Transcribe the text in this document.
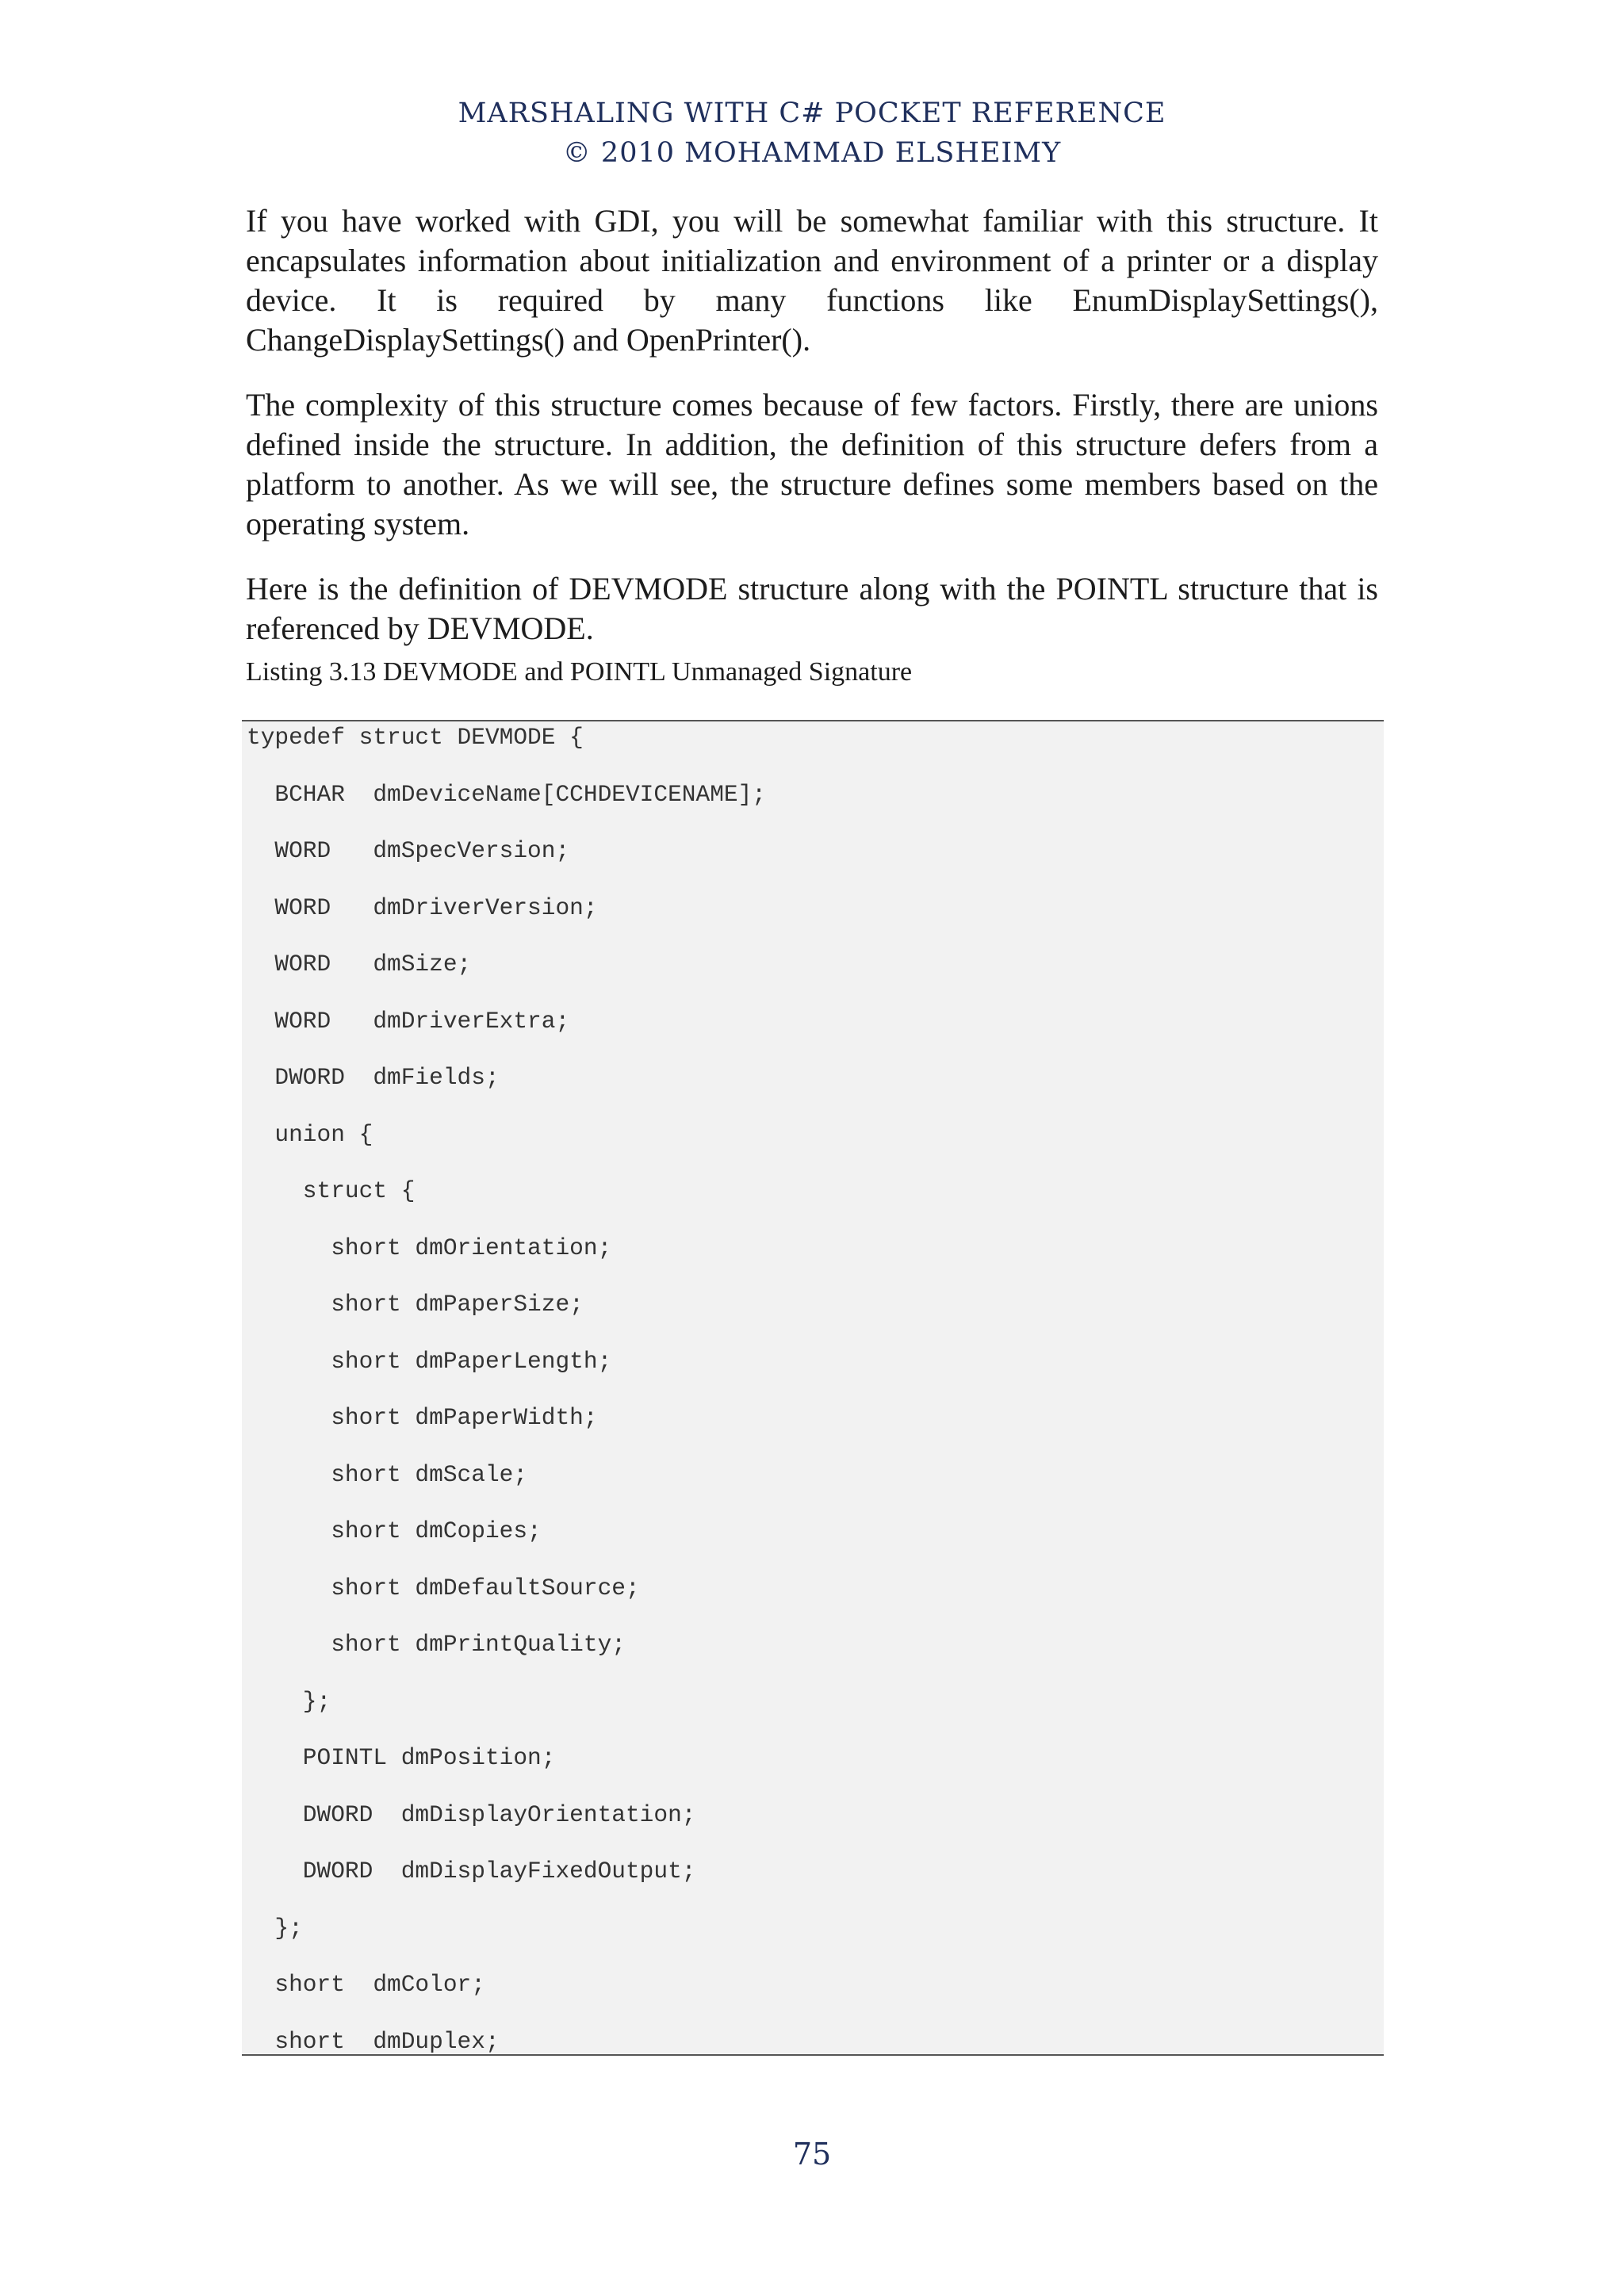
MARSHALING WITH C# POCKET REFERENCE
© 2010 MOHAMMAD ELSHEIMY

If you have worked with GDI, you will be somewhat familiar with this structure. It encapsulates information about initialization and environment of a printer or a display device. It is required by many functions like EnumDisplaySettings(), ChangeDisplaySettings() and OpenPrinter().

The complexity of this structure comes because of few factors. Firstly, there are unions defined inside the structure. In addition, the definition of this structure defers from a platform to another. As we will see, the structure defines some members based on the operating system.

Here is the definition of DEVMODE structure along with the POINTL structure that is referenced by DEVMODE.

Listing 3.13 DEVMODE and POINTL Unmanaged Signature
typedef struct DEVMODE {
BCHAR  dmDeviceName[CCHDEVICENAME];
WORD   dmSpecVersion;
WORD   dmDriverVersion;
WORD   dmSize;
WORD   dmDriverExtra;
DWORD  dmFields;
union {
struct {
short dmOrientation;
short dmPaperSize;
short dmPaperLength;
short dmPaperWidth;
short dmScale;
short dmCopies;
short dmDefaultSource;
short dmPrintQuality;
};
POINTL dmPosition;
DWORD  dmDisplayOrientation;
DWORD  dmDisplayFixedOutput;
};
short  dmColor;
short  dmDuplex;
75
